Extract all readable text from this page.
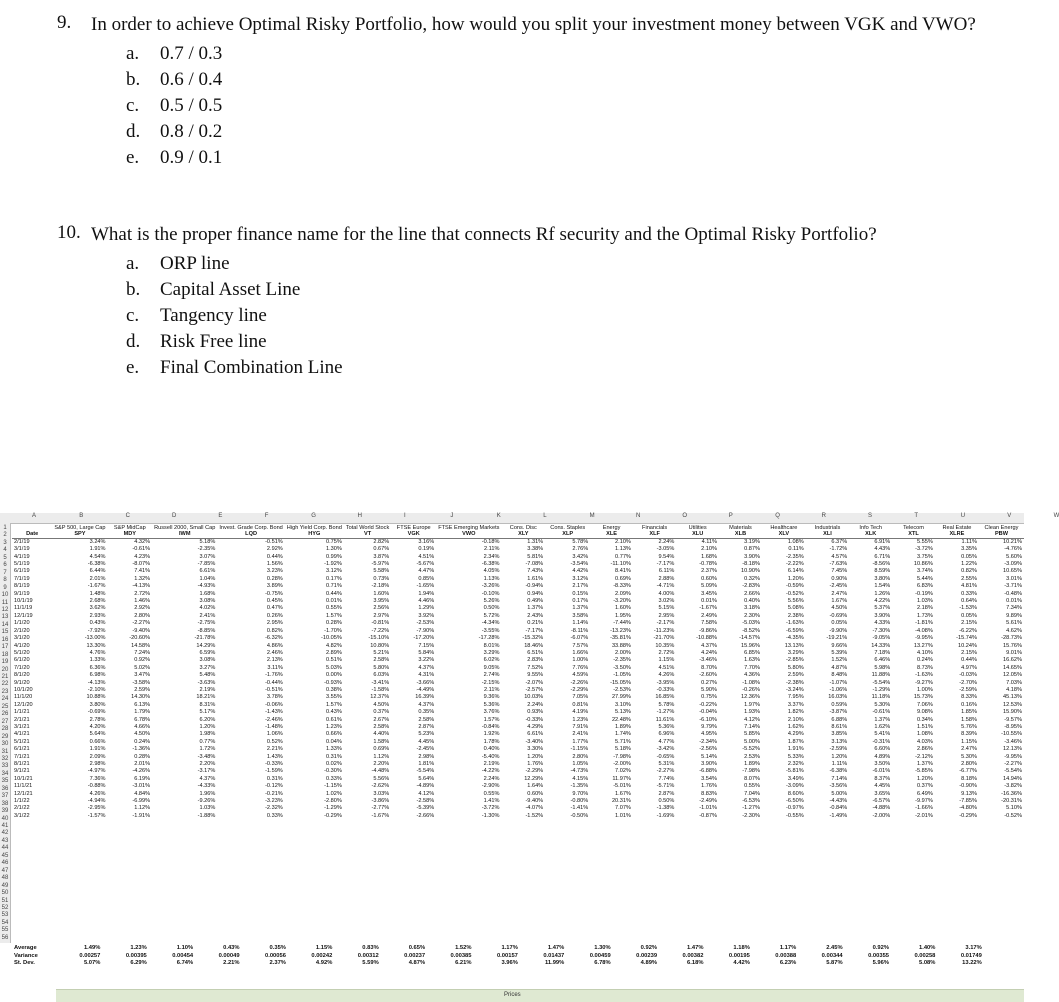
9. In order to achieve Optimal Risky Portfolio, how would you split your investment money between VGK and VWO?
a.	0.7 / 0.3
b.	0.6 / 0.4
c.	0.5 / 0.5
d.	0.8 / 0.2
e.	0.9 / 0.1
10. What is the proper finance name for the line that connects Rf security and the Optimal Risky Portfolio?
a.	ORP line
b.	Capital Asset Line
c.	Tangency line
d.	Risk Free line
e.	Final Combination Line
A	B	C	D	E	F	G	H	I	J	K	L	M	N	O	P	Q	R	S	T	U	V	W
1
2
3
4
5
6
7
8
9
10
11
12
13
14
15
16
17
18
19
20
21
22
23
24
25
26
27
28
29
30
31
32
33
34
35
36
37
38
39
40
41
42
43
44
45
46
47
48
49
50
51
52
53
54
55
56
	S&P 500, Large Cap	S&P MidCap	Russell 2000, Small Cap	Invest. Grade Corp. Bond	High Yield Corp. Bond	Total World Stock	FTSE Europe	FTSE Emerging Markets	Cons. Disc	Cons. Staples	Energy	Financials	Utilities	Materials	Healthcare	Industrials	Info Tech	Telecom	Real Estate	Clean Energy
Date	SPY	MDY	IWM	LQD	HYG	VT	VGK	VWO	XLY	XLP	XLE	XLF	XLU	XLB	XLV	XLI	XLK	XTL	XLRE	PBW
2/1/19	3.24%	4.32%	5.18%	-0.51%	0.75%	2.82%	3.16%	-0.18%	1.31%	5.78%	2.10%	2.24%	4.11%	3.19%	1.08%	6.37%	6.91%	5.55%	1.11%	10.21%
3/1/19	1.91%	-0.61%	-2.35%	2.92%	1.30%	0.67%	0.19%	2.11%	3.38%	2.76%	1.13%	-3.05%	2.10%	0.87%	0.11%	-1.72%	4.43%	-3.72%	3.35%	-4.76%
4/1/19	4.54%	4.23%	3.07%	0.44%	0.99%	3.87%	4.51%	2.34%	5.81%	3.42%	0.77%	9.54%	1.68%	3.90%	-2.35%	4.57%	6.71%	3.75%	0.05%	5.60%
5/1/19	-6.38%	-8.07%	-7.85%	1.56%	-1.92%	-5.97%	-5.67%	-6.38%	-7.08%	-3.54%	-11.10%	-7.17%	-0.78%	-8.18%	-2.22%	-7.63%	-8.56%	10.86%	1.22%	-3.09%
6/1/19	6.44%	7.41%	6.61%	3.23%	3.12%	5.58%	4.47%	4.05%	7.43%	4.42%	8.41%	6.11%	2.37%	10.90%	6.14%	7.45%	8.59%	3.74%	0.82%	10.65%
7/1/19	2.01%	1.32%	1.04%	0.28%	0.17%	0.73%	0.85%	1.13%	1.61%	3.12%	0.69%	2.88%	0.60%	0.32%	1.20%	0.90%	3.80%	5.44%	2.55%	3.01%
8/1/19	-1.67%	-4.13%	-4.93%	3.89%	0.71%	-2.18%	-1.65%	-3.26%	-0.94%	2.17%	-8.33%	-4.71%	5.09%	-2.83%	-0.59%	-2.45%	1.54%	6.83%	4.81%	-3.71%
9/1/19	1.48%	2.72%	1.68%	-0.75%	0.44%	1.60%	1.94%	-0.10%	0.94%	0.15%	2.09%	4.00%	3.45%	2.66%	-0.52%	2.47%	1.26%	-0.19%	0.33%	-0.48%
10/1/19	2.68%	1.46%	3.08%	0.45%	0.01%	3.95%	4.46%	5.26%	0.49%	0.17%	-3.20%	3.02%	0.01%	0.40%	5.56%	1.67%	4.22%	1.03%	0.64%	0.01%
11/1/19	3.62%	2.92%	4.02%	0.47%	0.55%	2.56%	1.29%	0.50%	1.37%	1.37%	1.60%	5.15%	-1.67%	3.18%	5.08%	4.50%	5.37%	2.18%	-1.53%	7.34%
12/1/19	2.93%	2.80%	2.41%	0.26%	1.57%	2.97%	3.92%	5.72%	2.43%	3.58%	1.95%	2.95%	2.49%	2.30%	2.38%	-0.69%	3.90%	1.73%	0.05%	9.89%
1/1/20	0.43%	-2.27%	-2.75%	2.95%	0.28%	-0.81%	-2.53%	-4.34%	0.21%	1.14%	-7.44%	-2.17%	7.58%	-5.03%	-1.63%	0.05%	4.33%	-1.81%	2.15%	5.61%
2/1/20	-7.92%	-9.40%	-8.85%	0.82%	-1.70%	-7.22%	-7.90%	-3.55%	-7.17%	-8.11%	-13.23%	-11.23%	-9.86%	-8.52%	-6.59%	-9.90%	-7.30%	-4.08%	-6.22%	4.62%
3/1/20	-13.00%	-20.60%	-21.78%	-6.32%	-10.05%	-15.10%	-17.20%	-17.28%	-15.32%	-6.07%	-35.81%	-21.70%	-10.88%	-14.57%	-4.35%	-19.21%	-9.05%	-9.95%	-15.74%	-28.73%
4/1/20	13.30%	14.58%	14.29%	4.86%	4.82%	10.80%	7.15%	8.01%	18.46%	7.57%	33.88%	10.35%	4.37%	15.96%	13.13%	9.66%	14.33%	13.27%	10.24%	15.76%
5/1/20	4.76%	7.24%	6.59%	2.46%	2.89%	5.21%	5.84%	3.29%	6.51%	1.66%	2.00%	2.72%	4.24%	6.85%	3.29%	5.39%	7.18%	4.10%	2.15%	9.01%
6/1/20	1.33%	0.92%	3.08%	2.13%	0.51%	2.58%	3.22%	6.02%	2.83%	1.00%	-2.35%	1.15%	-3.46%	1.63%	-2.85%	1.52%	6.46%	0.24%	0.44%	16.62%
7/1/20	6.36%	5.02%	3.27%	3.11%	5.03%	5.80%	4.37%	9.05%	7.52%	7.76%	-3.50%	4.51%	8.70%	7.70%	5.80%	4.87%	5.98%	8.73%	4.97%	14.65%
8/1/20	6.98%	3.47%	5.48%	-1.76%	0.00%	6.03%	4.31%	2.74%	9.55%	4.59%	-1.05%	4.26%	-2.60%	4.36%	2.59%	8.48%	11.88%	-1.63%	-0.03%	12.05%
9/1/20	-4.13%	-3.58%	-3.63%	-0.44%	-0.93%	-3.41%	-3.66%	-2.15%	-2.07%	-2.26%	-15.05%	-3.95%	0.27%	-1.08%	-2.38%	-1.07%	-5.54%	-9.27%	-2.70%	7.03%
10/1/20	-2.10%	2.59%	2.19%	-0.51%	0.38%	-1.58%	-4.49%	2.11%	-2.57%	-2.29%	-2.53%	-0.33%	5.90%	-0.26%	-3.24%	-1.06%	-1.29%	1.00%	-2.59%	4.18%
11/1/20	10.88%	14.30%	18.21%	3.78%	3.55%	12.37%	16.39%	9.36%	10.03%	7.05%	27.99%	16.85%	0.75%	12.36%	7.95%	16.03%	11.18%	15.73%	8.33%	45.13%
12/1/20	3.80%	6.13%	8.31%	-0.06%	1.57%	4.50%	4.37%	5.36%	2.24%	0.81%	3.10%	5.78%	-0.22%	1.97%	3.37%	0.59%	5.30%	7.06%	0.16%	12.53%
1/1/21	-0.69%	1.79%	5.17%	-1.43%	0.43%	0.37%	0.35%	3.76%	0.93%	4.19%	5.13%	-1.27%	-0.04%	1.93%	1.82%	-3.87%	-0.61%	9.08%	1.85%	15.90%
2/1/21	2.78%	6.78%	6.20%	-2.46%	0.61%	2.67%	2.58%	1.57%	-0.33%	1.23%	22.48%	11.61%	-6.10%	4.12%	2.10%	6.88%	1.37%	0.34%	1.58%	-9.57%
3/1/21	4.20%	4.66%	1.20%	-1.48%	1.23%	2.58%	2.87%	-0.84%	4.29%	7.91%	1.89%	5.36%	9.79%	7.14%	1.62%	8.61%	1.62%	1.51%	5.76%	-8.95%
4/1/21	5.64%	4.50%	1.98%	1.06%	0.66%	4.40%	5.23%	1.92%	6.61%	2.41%	1.74%	6.96%	4.95%	5.85%	4.29%	3.85%	5.41%	1.08%	8.39%	-10.55%
5/1/21	0.66%	0.24%	0.77%	0.52%	0.04%	1.58%	4.45%	1.78%	-3.40%	1.77%	5.71%	4.77%	-2.34%	5.00%	1.87%	3.13%	-0.31%	4.03%	1.15%	-3.46%
6/1/21	1.91%	-1.36%	1.72%	2.21%	1.33%	0.69%	-2.45%	0.40%	3.30%	-1.15%	5.18%	-3.42%	-2.56%	-5.52%	1.91%	-2.59%	6.60%	2.86%	2.47%	12.13%
7/1/21	2.09%	0.28%	-3.48%	1.43%	0.31%	1.12%	2.98%	-5.40%	1.20%	2.80%	-7.98%	-0.65%	5.14%	2.53%	5.33%	1.20%	4.89%	-2.12%	5.30%	-9.95%
8/1/21	2.98%	2.01%	2.20%	-0.33%	0.02%	2.20%	1.81%	2.19%	1.76%	1.05%	-2.00%	5.31%	3.90%	1.89%	2.32%	1.11%	3.50%	1.37%	2.80%	-2.27%
9/1/21	-4.97%	-4.26%	-3.17%	-1.59%	-0.30%	-4.48%	-5.54%	-4.22%	-2.29%	-4.73%	7.02%	-2.27%	-6.88%	-7.98%	-5.81%	-6.38%	-6.01%	-5.85%	-6.77%	-5.54%
10/1/21	7.36%	6.19%	4.37%	0.31%	0.33%	5.56%	5.64%	2.24%	12.29%	4.15%	11.97%	7.74%	3.54%	8.07%	3.49%	7.14%	8.37%	1.20%	8.18%	14.94%
11/1/21	-0.88%	-3.01%	-4.33%	-0.12%	-1.15%	-2.62%	-4.89%	-2.90%	1.64%	-1.35%	-5.01%	-5.71%	1.76%	0.55%	-3.09%	-3.56%	4.45%	0.37%	-0.90%	-3.82%
12/1/21	4.26%	4.84%	1.96%	-0.21%	1.02%	3.03%	4.12%	0.55%	0.60%	9.70%	1.67%	2.87%	8.83%	7.04%	8.60%	5.00%	3.65%	6.49%	9.13%	-16.36%
1/1/22	-4.94%	-6.99%	-9.26%	-3.23%	-2.80%	-3.86%	-2.58%	1.41%	-9.40%	-0.80%	20.31%	0.50%	-2.49%	-6.53%	-6.50%	-4.43%	-6.57%	-9.97%	-7.85%	-20.31%
2/1/22	-2.95%	1.12%	1.03%	-2.32%	-1.29%	-2.77%	-5.39%	-3.72%	-4.07%	-1.41%	7.07%	-1.38%	-1.01%	-1.27%	-0.97%	-0.84%	-4.88%	-1.66%	-4.80%	5.10%
3/1/22	-1.57%	-1.91%	-1.88%	0.33%	-0.29%	-1.67%	-2.66%	-1.30%	-1.52%	-0.50%	1.01%	-1.69%	-0.87%	-2.30%	-0.55%	-1.49%	-2.00%	-2.01%	-0.29%	-0.52%
Average	1.49%	1.23%	1.10%	0.43%	0.35%	1.15%	0.83%	0.65%	1.52%	1.17%	1.47%	1.30%	0.92%	1.47%	1.18%	1.17%	2.45%	0.92%	1.40%	3.17%
Variance	0.00257	0.00395	0.00454	0.00049	0.00056	0.00242	0.00312	0.00237	0.00385	0.00157	0.01437	0.00459	0.00239	0.00382	0.00195	0.00388	0.00344	0.00355	0.00258	0.01749
St. Dev.	5.07%	6.29%	6.74%	2.21%	2.37%	4.92%	5.59%	4.87%	6.21%	3.96%	11.99%	6.78%	4.89%	6.18%	4.42%	6.23%	5.87%	5.96%	5.08%	13.22%
Prices
